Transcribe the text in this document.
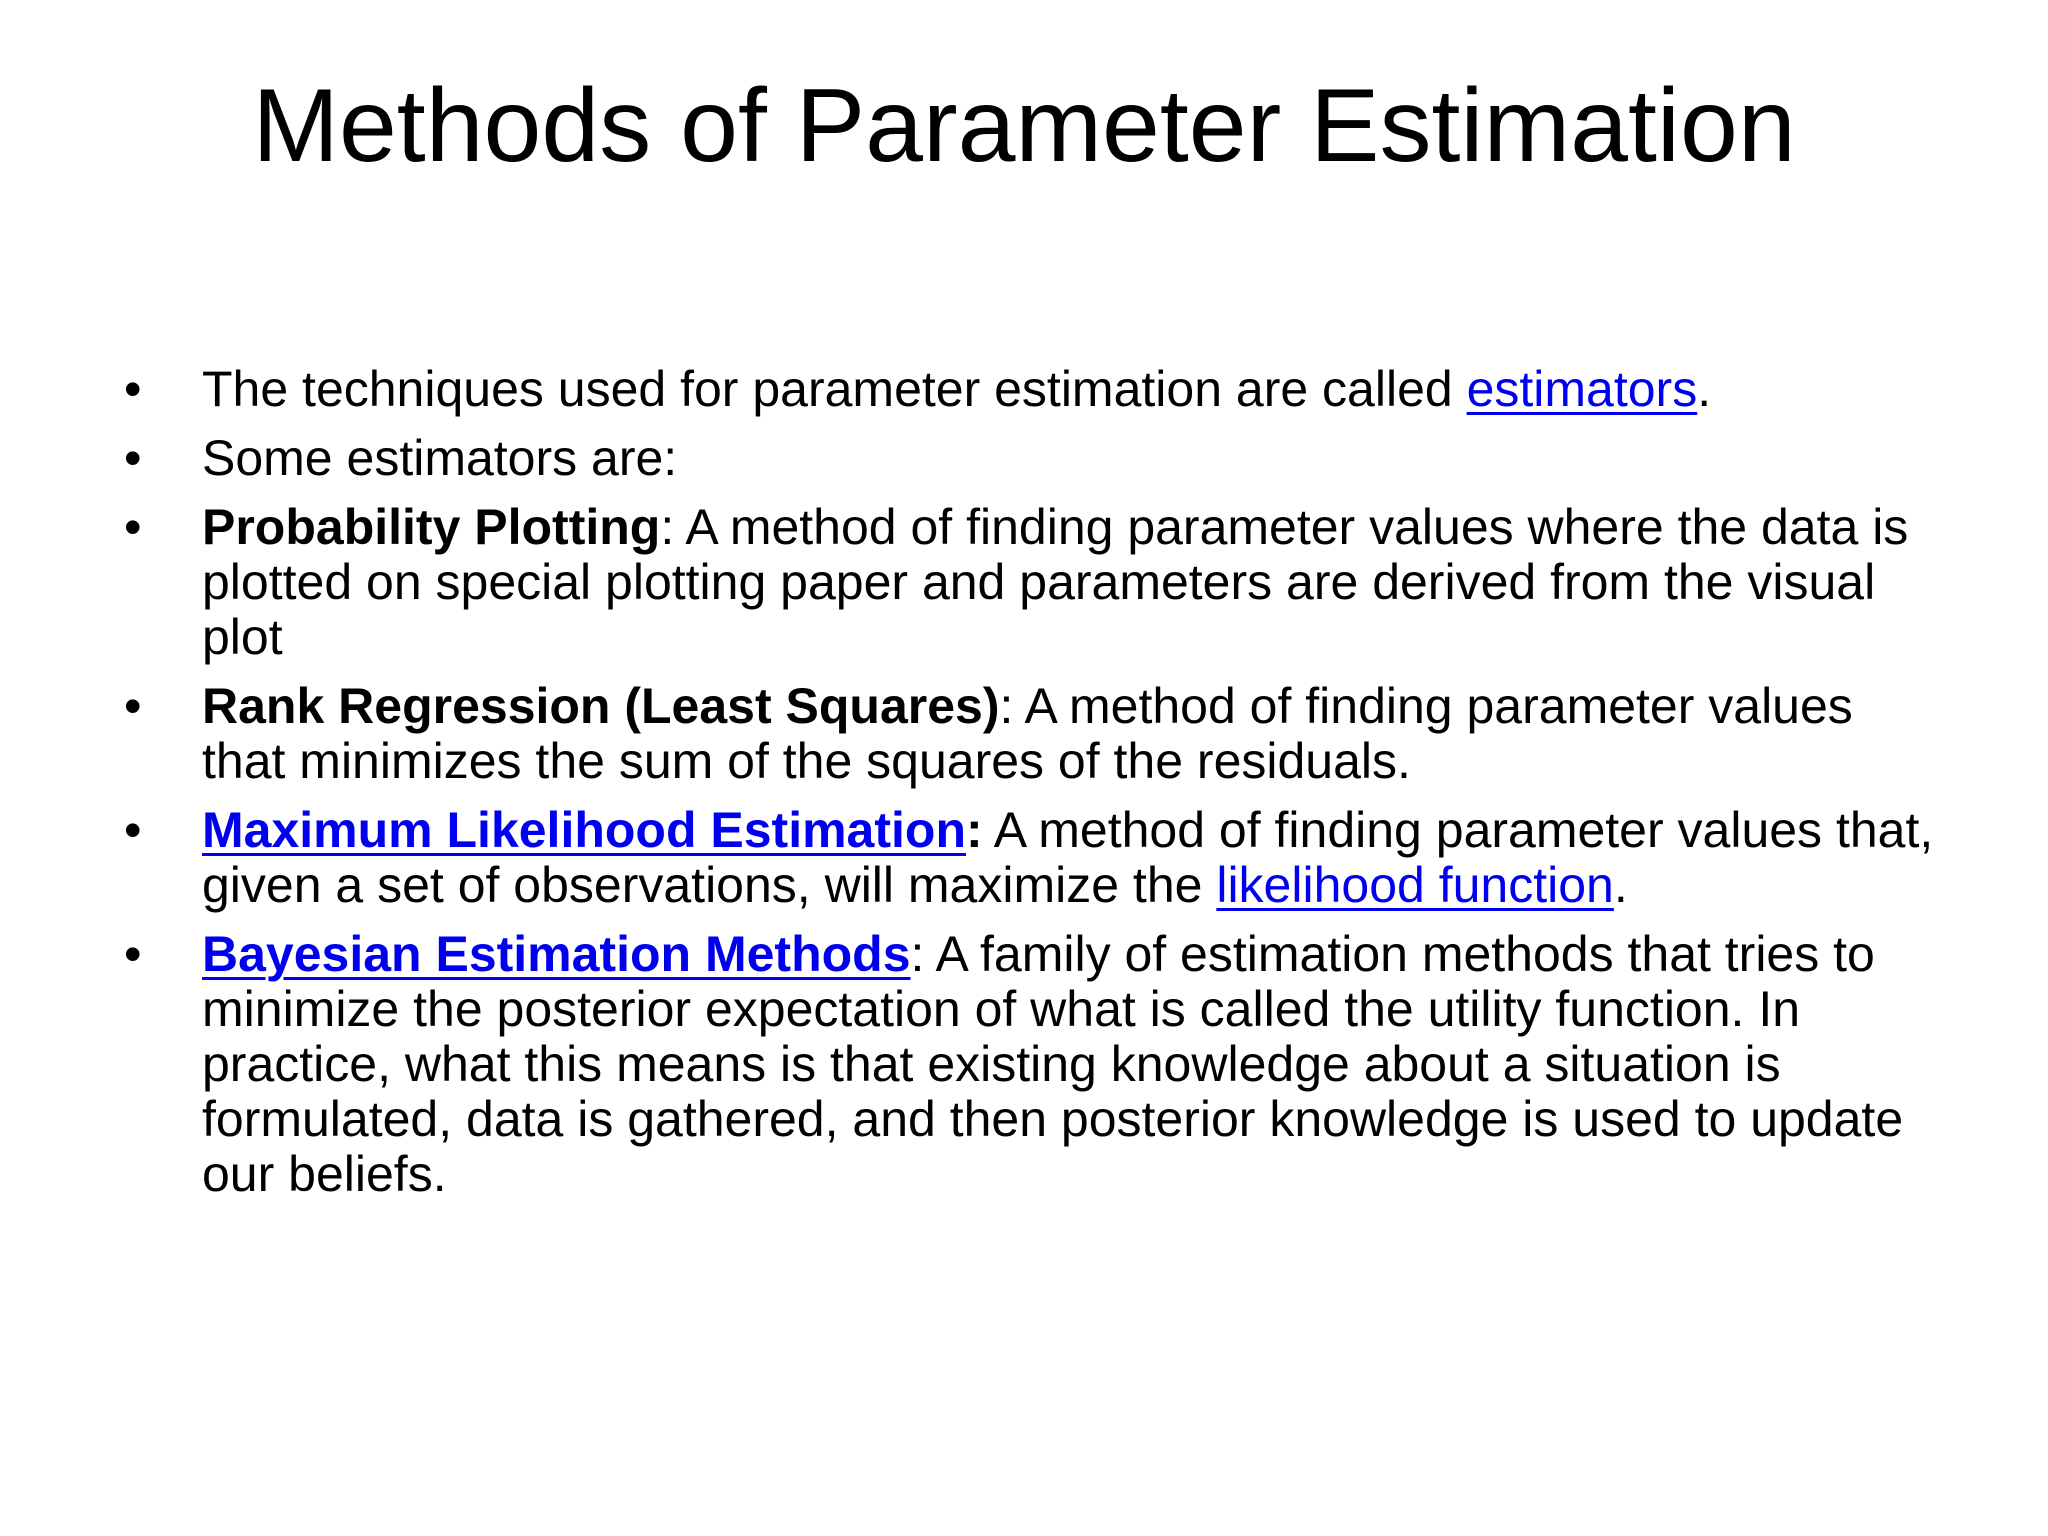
Methods of Parameter Estimation
• The techniques used for parameter estimation are called estimators.
• Some estimators are:
• Probability Plotting: A method of finding parameter values where the data is plotted on special plotting paper and parameters are derived from the visual plot
• Rank Regression (Least Squares): A method of finding parameter values that minimizes the sum of the squares of the residuals.
• Maximum Likelihood Estimation: A method of finding parameter values that, given a set of observations, will maximize the likelihood function.
• Bayesian Estimation Methods: A family of estimation methods that tries to minimize the posterior expectation of what is called the utility function. In practice, what this means is that existing knowledge about a situation is formulated, data is gathered, and then posterior knowledge is used to update our beliefs.
